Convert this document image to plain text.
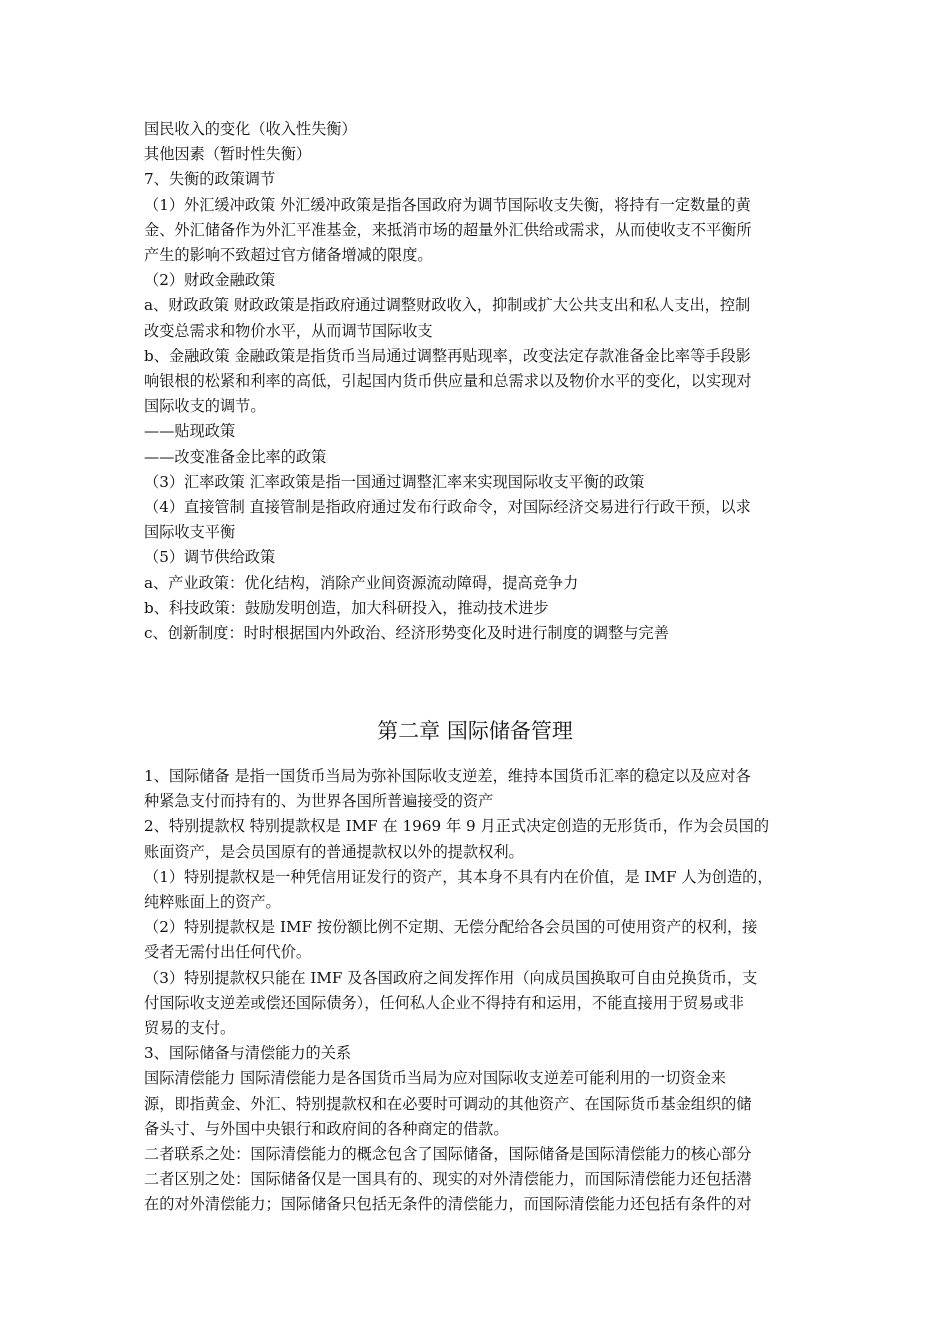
国民收入的变化（收入性失衡）
其他因素（暂时性失衡）
7、失衡的政策调节
（1）外汇缓冲政策 外汇缓冲政策是指各国政府为调节国际收支失衡，将持有一定数量的黄
金、外汇储备作为外汇平准基金，来抵消市场的超量外汇供给或需求，从而使收支不平衡所
产生的影响不致超过官方储备增减的限度。
（2）财政金融政策
a、财政政策 财政政策是指政府通过调整财政收入，抑制或扩大公共支出和私人支出，控制
改变总需求和物价水平，从而调节国际收支
b、金融政策 金融政策是指货币当局通过调整再贴现率，改变法定存款准备金比率等手段影
响银根的松紧和利率的高低，引起国内货币供应量和总需求以及物价水平的变化，以实现对
国际收支的调节。
——贴现政策
——改变准备金比率的政策
（3）汇率政策 汇率政策是指一国通过调整汇率来实现国际收支平衡的政策
（4）直接管制 直接管制是指政府通过发布行政命令，对国际经济交易进行行政干预，以求
国际收支平衡
（5）调节供给政策
a、产业政策：优化结构，消除产业间资源流动障碍，提高竞争力
b、科技政策：鼓励发明创造，加大科研投入，推动技术进步
c、创新制度：时时根据国内外政治、经济形势变化及时进行制度的调整与完善
第二章 国际储备管理
1、国际储备 是指一国货币当局为弥补国际收支逆差，维持本国货币汇率的稳定以及应对各
种紧急支付而持有的、为世界各国所普遍接受的资产
2、特别提款权 特别提款权是 IMF 在 1969 年 9 月正式决定创造的无形货币，作为会员国的
账面资产，是会员国原有的普通提款权以外的提款权利。
（1）特别提款权是一种凭信用证发行的资产，其本身不具有内在价值，是 IMF 人为创造的，
纯粹账面上的资产。
（2）特别提款权是 IMF 按份额比例不定期、无偿分配给各会员国的可使用资产的权利，接
受者无需付出任何代价。
（3）特别提款权只能在 IMF 及各国政府之间发挥作用（向成员国换取可自由兑换货币，支
付国际收支逆差或偿还国际债务），任何私人企业不得持有和运用，不能直接用于贸易或非
贸易的支付。
3、国际储备与清偿能力的关系
国际清偿能力 国际清偿能力是各国货币当局为应对国际收支逆差可能利用的一切资金来
源，即指黄金、外汇、特别提款权和在必要时可调动的其他资产、在国际货币基金组织的储
备头寸、与外国中央银行和政府间的各种商定的借款。
二者联系之处：国际清偿能力的概念包含了国际储备，国际储备是国际清偿能力的核心部分
二者区别之处：国际储备仅是一国具有的、现实的对外清偿能力，而国际清偿能力还包括潜
在的对外清偿能力；国际储备只包括无条件的清偿能力，而国际清偿能力还包括有条件的对
